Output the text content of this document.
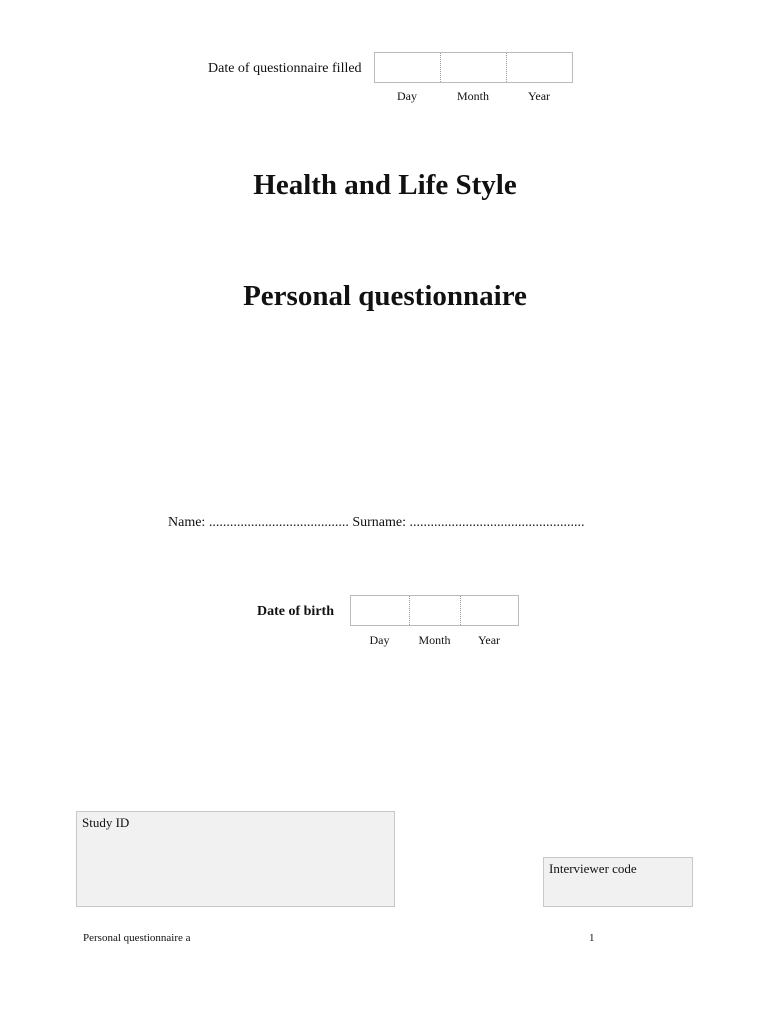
Date of questionnaire filled
Day	Month	Year
Health and Life Style
Personal questionnaire
Name: ........................................ Surname: ..................................................
Date of birth
Day	Month	Year
Study ID
Interviewer code
Personal questionnaire a	1
